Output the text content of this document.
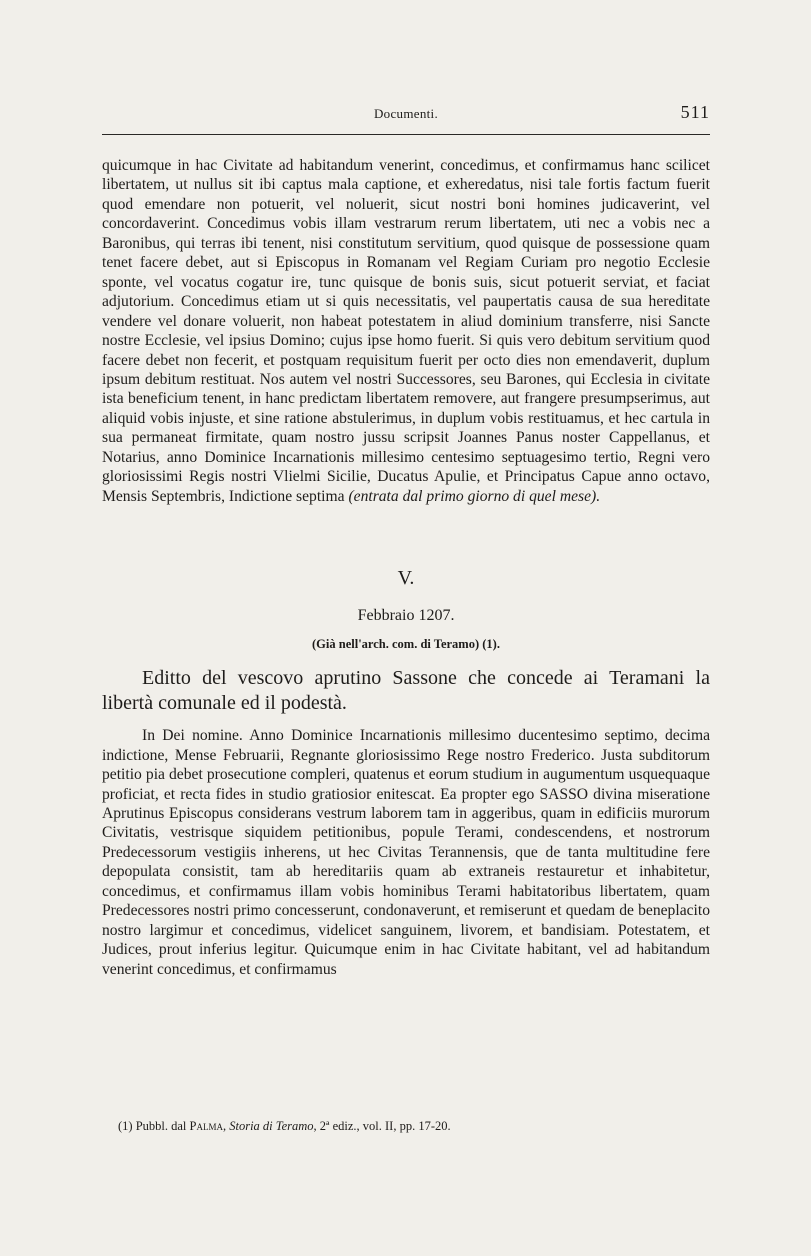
Documenti.	511

quicumque in hac Civitate ad habitandum venerint, concedimus, et confirmamus hanc scilicet libertatem, ut nullus sit ibi captus mala captione, et exheredatus, nisi tale fortis factum fuerit quod emendare non potuerit, vel noluerit, sicut nostri boni homines judicaverint, vel concordaverint. Concedimus vobis illam vestrarum rerum libertatem, uti nec a vobis nec a Baronibus, qui terras ibi tenent, nisi constitutum servitium, quod quisque de possessione quam tenet facere debet, aut si Episcopus in Romanam vel Regiam Curiam pro negotio Ecclesie sponte, vel vocatus cogatur ire, tunc quisque de bonis suis, sicut potuerit serviat, et faciat adjutorium. Concedimus etiam ut si quis necessitatis, vel paupertatis causa de sua hereditate vendere vel donare voluerit, non habeat potestatem in aliud dominium transferre, nisi Sancte nostre Ecclesie, vel ipsius Domino; cujus ipse homo fuerit. Si quis vero debitum servitium quod facere debet non fecerit, et postquam requisitum fuerit per octo dies non emendaverit, duplum ipsum debitum restituat. Nos autem vel nostri Successores, seu Barones, qui Ecclesia in civitate ista beneficium tenent, in hanc predictam libertatem removere, aut frangere presumpserimus, aut aliquid vobis injuste, et sine ratione abstulerimus, in duplum vobis restituamus, et hec cartula in sua permaneat firmitate, quam nostro jussu scripsit Joannes Panus noster Cappellanus, et Notarius, anno Dominice Incarnationis millesimo centesimo septuagesimo tertio, Regni vero gloriosissimi Regis nostri Vlielmi Sicilie, Ducatus Apulie, et Principatus Capue anno octavo, Mensis Septembris, Indictione septima (entrata dal primo giorno di quel mese).

V.
Febbraio 1207.
(Già nell'arch. com. di Teramo) (1).
Editto del vescovo aprutino Sassone che concede ai Teramani la libertà comunale ed il podestà.

In Dei nomine. Anno Dominice Incarnationis millesimo ducentesimo septimo, decima indictione, Mense Februarii, Regnante gloriosissimo Rege nostro Frederico. Justa subditorum petitio pia debet prosecutione compleri, quatenus et eorum studium in augumentum usquequaque proficiat, et recta fides in studio gratiosior enitescat. Ea propter ego SASSO divina miseratione Aprutinus Episcopus considerans vestrum laborem tam in aggeribus, quam in edificiis murorum Civitatis, vestrisque siquidem petitionibus, popule Terami, condescendens, et nostrorum Predecessorum vestigiis inherens, ut hec Civitas Terannensis, que de tanta multitudine fere depopulata consistit, tam ab hereditariis quam ab extraneis restauretur et inhabitetur, concedimus, et confirmamus illam vobis hominibus Terami habitatoribus libertatem, quam Predecessores nostri primo concesserunt, condonaverunt, et remiserunt et quedam de beneplacito nostro largimur et concedimus, videlicet sanguinem, livorem, et bandisiam. Potestatem, et Judices, prout inferius legitur. Quicumque enim in hac Civitate habitant, vel ad habitandum venerint concedimus, et confirmamus

(1) Pubbl. dal Palma, Storia di Teramo, 2ª ediz., vol. II, pp. 17-20.
